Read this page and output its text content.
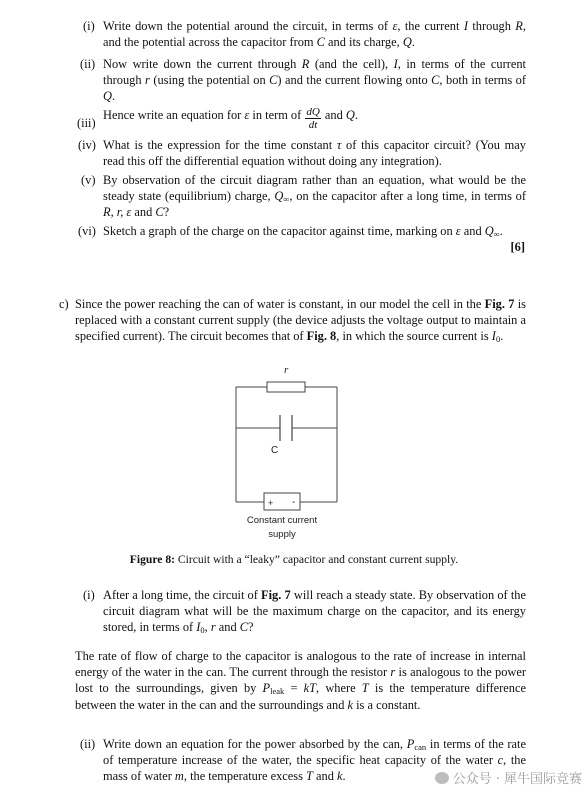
(i) Write down the potential around the circuit, in terms of ε, the current I through R, and the potential across the capacitor from C and its charge, Q.
(ii) Now write down the current through R (and the cell), I, in terms of the current through r (using the potential on C) and the current flowing onto C, both in terms of Q.
(iii)
Hence write an equation for ε in term of $\frac{dQ}{dt}$ and Q.
(iv) What is the expression for the time constant τ of this capacitor circuit? (You may read this off the differential equation without doing any integration).
(v) By observation of the circuit diagram rather than an equation, what would be the steady state (equilibrium) charge, $Q_\infty$, on the capacitor after a long time, in terms of R, r, ε and C?
(vi) Sketch a graph of the charge on the capacitor against time, marking on ε and $Q_\infty$.
[6]
c) Since the power reaching the can of water is constant, in our model the cell in the Fig. 7 is replaced with a constant current supply (the device adjusts the voltage output to maintain a specified current). The circuit becomes that of Fig. 8, in which the source current is $I_0$.
r
C
+ -
Constant current
supply
Figure 8: Circuit with a “leaky” capacitor and constant current supply.
(i) After a long time, the circuit of Fig. 7 will reach a steady state. By observation of the circuit diagram what will be the maximum charge on the capacitor, and its energy stored, in terms of $I_0$, r and C?
The rate of flow of charge to the capacitor is analogous to the rate of increase in internal energy of the water in the can. The current through the resistor r is analogous to the power lost to the surroundings, given by $P_{leak}$ = kT, where T is the temperature difference between the water in the can and the surroundings and k is a constant.
(ii) Write down an equation for the power absorbed by the can, $P_{can}$ in terms of the rate of temperature increase of the water, the specific heat capacity of the water c, the mass of water m, the temperature excess T and k.	公众号 · 犀牛国际竞赛
